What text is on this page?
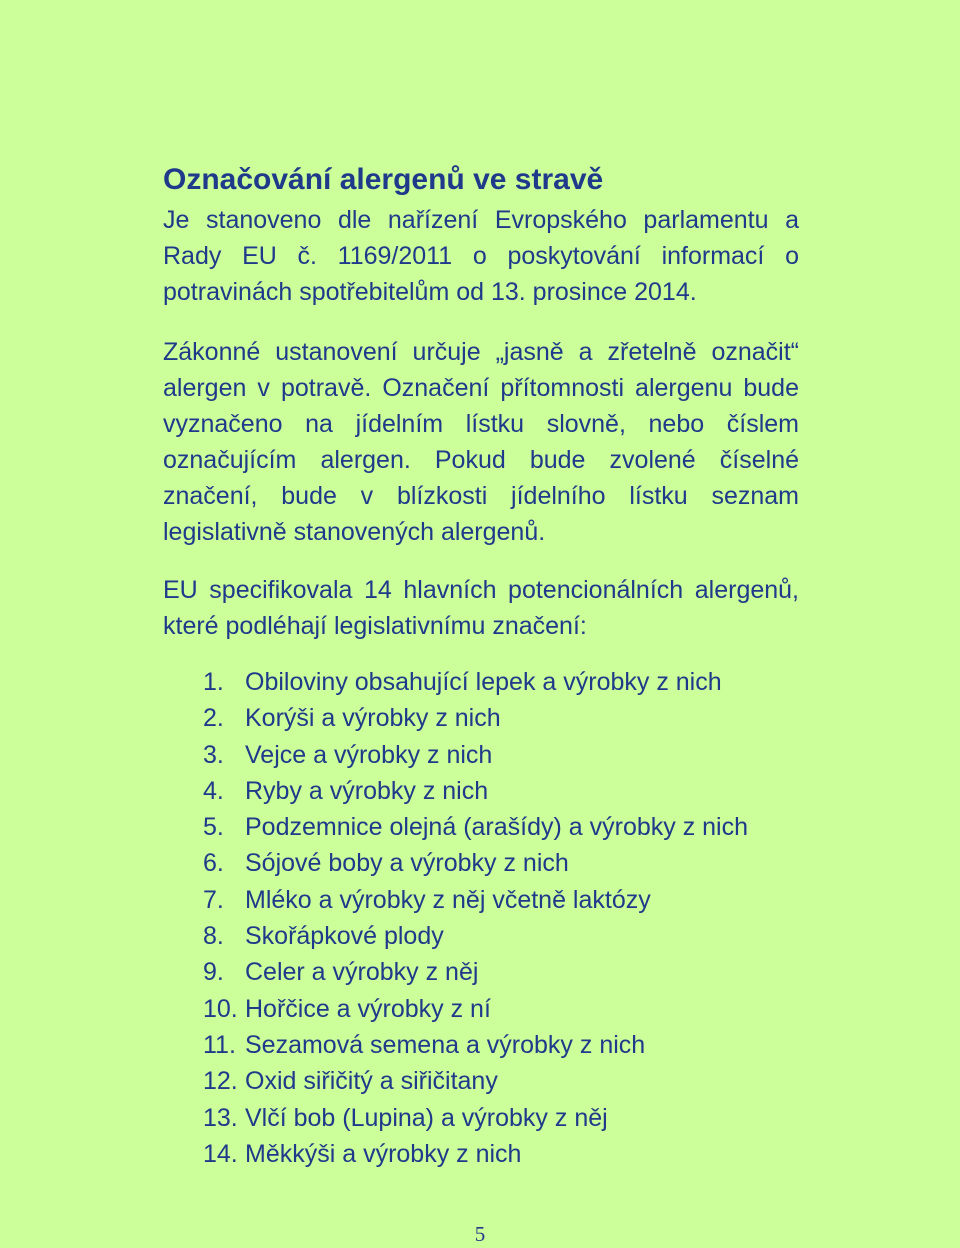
Označování alergenů ve stravě

Je stanoveno dle nařízení Evropského parlamentu a Rady EU č. 1169/2011 o poskytování informací o potravinách spotřebitelům od 13. prosince 2014.

Zákonné ustanovení určuje „jasně a zřetelně označit“ alergen v potravě. Označení přítomnosti alergenu bude vyznačeno na jídelním lístku slovně, nebo číslem označujícím alergen. Pokud bude zvolené číselné značení, bude v blízkosti jídelního lístku seznam legislativně stanovených alergenů.

EU specifikovala 14 hlavních potencionálních alergenů, které podléhají legislativnímu značení:

1. Obiloviny obsahující lepek a výrobky z nich
2. Korýši a výrobky z nich
3. Vejce a výrobky z nich
4. Ryby a výrobky z nich
5. Podzemnice olejná (arašídy) a výrobky z nich
6. Sójové boby a výrobky z nich
7. Mléko a výrobky z něj včetně laktózy
8. Skořápkové plody
9. Celer a výrobky z něj
10. Hořčice a výrobky z ní
11. Sezamová semena a výrobky z nich
12. Oxid siřičitý a siřičitany
13. Vlčí bob (Lupina) a výrobky z něj
14. Měkkýši a výrobky z nich
5
